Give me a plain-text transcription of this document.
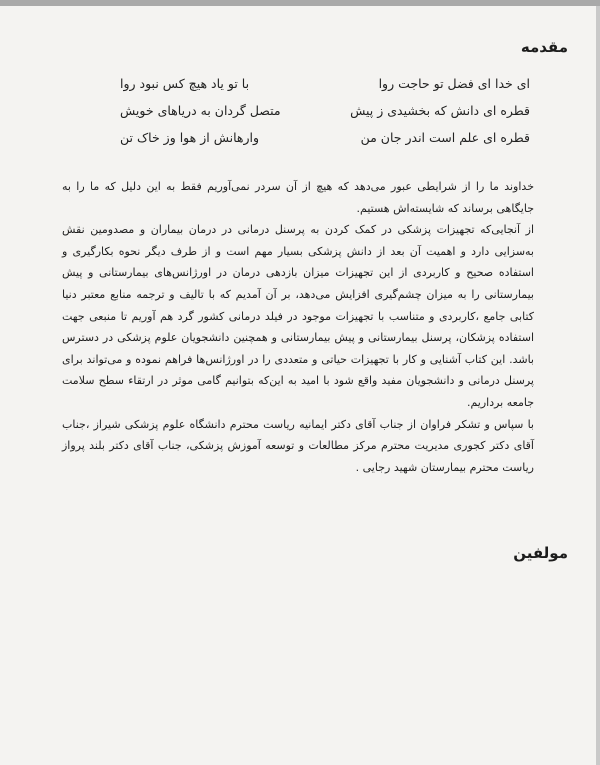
مقدمه
ای خدا ای فضل تو حاجت روا
با تو یاد هیچ کس نبود روا
قطره ای دانش که بخشیدی ز پیش
متصل گردان به دریاهای خویش
قطره ای علم است اندر جان من
وارهانش از هوا وز خاک تن

خداوند ما را از شرایطی عبور می‌دهد که هیچ از آن سردر نمی‌آوریم فقط به این دلیل که ما را به جایگاهی برساند که شایسته‌اش هستیم.

از آنجایی‌که تجهیزات پزشکی در کمک کردن به پرسنل درمانی در درمان بیماران و مصدومین نقش به‌سزایی دارد و اهمیت آن بعد از دانش پزشکی بسیار مهم است و از طرف دیگر نحوه بکارگیری و استفاده صحیح و کاربردی از این تجهیزات میزان بازدهی درمان در اورژانس‌های بیمارستانی و پیش بیمارستانی را به میزان چشم‌گیری افزایش می‌دهد، بر آن آمدیم که با تالیف و ترجمه منابع معتبر دنیا کتابی جامع ،کاربردی و متناسب با تجهیزات موجود در فیلد درمانی کشور گرد هم آوریم تا منبعی جهت استفاده پزشکان، پرسنل بیمارستانی و پیش بیمارستانی و همچنین دانشجویان علوم پزشکی در دسترس باشد. این کتاب آشنایی و کار با تجهیزات حیاتی و متعددی را در اورژانس‌ها فراهم نموده و می‌تواند برای پرسنل درمانی و دانشجویان مفید واقع شود با امید به این‌که بتوانیم گامی موثر در ارتقاء سطح سلامت جامعه برداریم.

با سپاس و تشکر فراوان از جناب آقای دکتر ایمانیه ریاست محترم دانشگاه علوم پزشکی شیراز ،جناب آقای دکتر کجوری مدیریت محترم مرکز مطالعات و توسعه آموزش پزشکی، جناب آقای دکتر بلند پرواز ریاست محترم بیمارستان شهید رجایی .

مولفین
